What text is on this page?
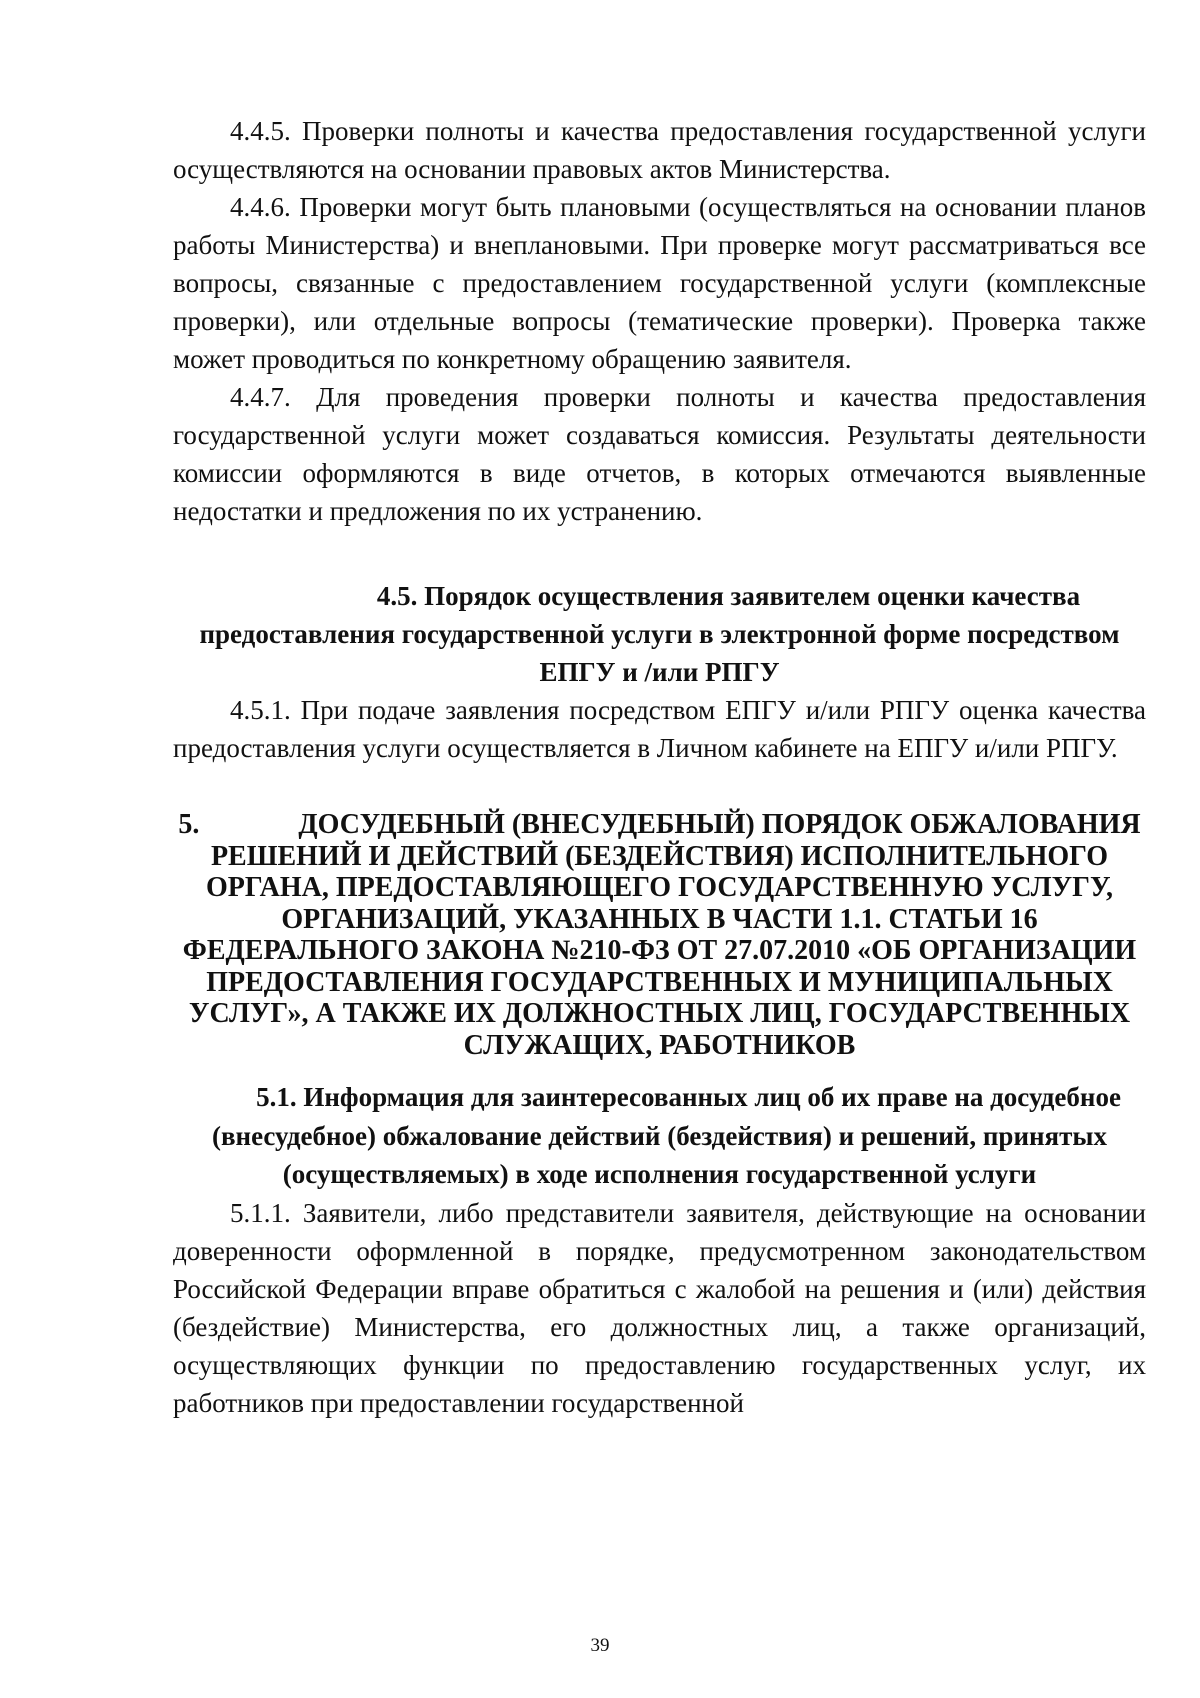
4.4.5. Проверки полноты и качества предоставления государственной услуги осуществляются на основании правовых актов Министерства.

4.4.6. Проверки могут быть плановыми (осуществляться на основании планов работы Министерства) и внеплановыми. При проверке могут рассматриваться все вопросы, связанные с предоставлением государственной услуги (комплексные проверки), или отдельные вопросы (тематические проверки). Проверка также может проводиться по конкретному обращению заявителя.

4.4.7. Для проведения проверки полноты и качества предоставления государственной услуги может создаваться комиссия. Результаты деятельности комиссии оформляются в виде отчетов, в которых отмечаются выявленные недостатки и предложения по их устранению.

4.5. Порядок осуществления заявителем оценки качества
предоставления государственной услуги в электронной форме посредством ЕПГУ и /или РПГУ

4.5.1. При подаче заявления посредством ЕПГУ и/или РПГУ оценка качества предоставления услуги осуществляется в Личном кабинете на ЕПГУ и/или РПГУ.

5.	ДОСУДЕБНЫЙ (ВНЕСУДЕБНЫЙ) ПОРЯДОК ОБЖАЛОВАНИЯ РЕШЕНИЙ И ДЕЙСТВИЙ (БЕЗДЕЙСТВИЯ) ИСПОЛНИТЕЛЬНОГО ОРГАНА, ПРЕДОСТАВЛЯЮЩЕГО ГОСУДАРСТВЕННУЮ УСЛУГУ, ОРГАНИЗАЦИЙ, УКАЗАННЫХ В ЧАСТИ 1.1. СТАТЬИ 16 ФЕДЕРАЛЬНОГО ЗАКОНА №210-ФЗ ОТ 27.07.2010 «ОБ ОРГАНИЗАЦИИ ПРЕДОСТАВЛЕНИЯ ГОСУДАРСТВЕННЫХ И МУНИЦИПАЛЬНЫХ УСЛУГ», А ТАКЖЕ ИХ ДОЛЖНОСТНЫХ ЛИЦ, ГОСУДАРСТВЕННЫХ СЛУЖАЩИХ, РАБОТНИКОВ
5.1. Информация для заинтересованных лиц об их праве на досудебное
(внесудебное) обжалование действий (бездействия) и решений, принятых (осуществляемых) в ходе исполнения государственной услуги

5.1.1. Заявители, либо представители заявителя, действующие на основании доверенности оформленной в порядке, предусмотренном законодательством Российской Федерации вправе обратиться с жалобой на решения и (или) действия (бездействие) Министерства, его должностных лиц, а также организаций, осуществляющих функции по предоставлению государственных услуг, их работников при предоставлении государственной

39
